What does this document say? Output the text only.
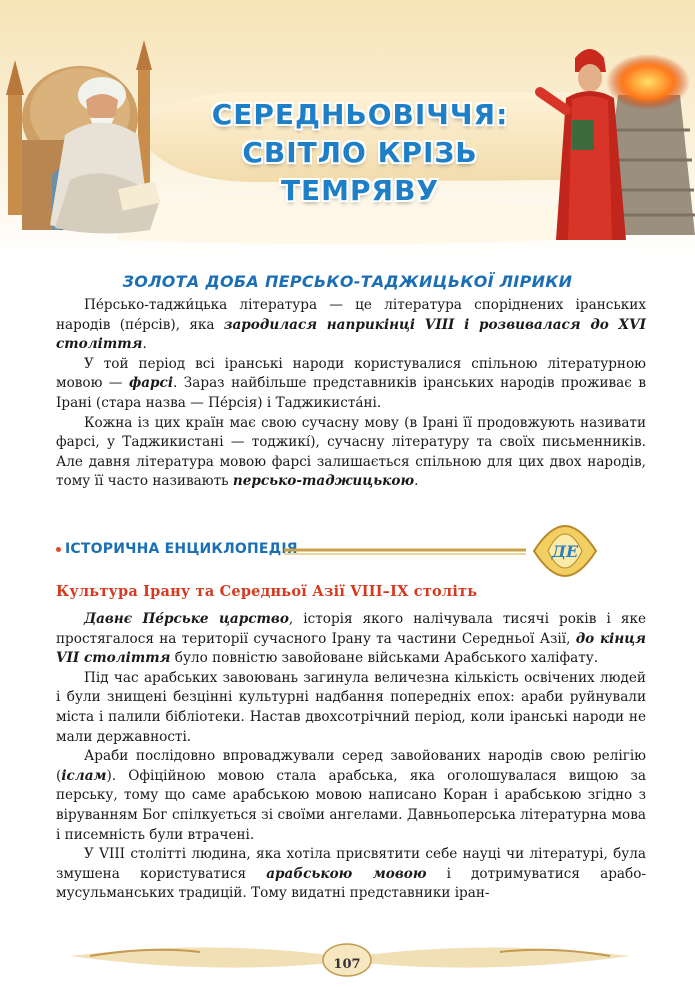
СЕРЕДНЬОВІЧЧЯ:
СВІТЛО КРІЗЬ ТЕМРЯВУ
ЗОЛОТА ДОБА ПЕРСЬКО-ТАДЖИЦЬКОЇ ЛІРИКИ

Пе́рсько-таджи́цька література — це література споріднених іранських народів (пе́рсів), яка зародилася наприкінці VIII і розвивалася до XVI століття.

У той період всі іранські народи користувалися спільною літературною мовою — фарсі. Зараз найбільше представників іранських народів проживає в Ірані (стара назва — Пе́рсія) і Таджикиста́ні.

Кожна із цих країн має свою сучасну мову (в Ірані її продовжують називати фарсі, у Таджикистані — тоджикі́), сучасну літературу та своїх письменників. Але давня література мовою фарсі залишається спільною для цих двох народів, тому її часто називають персько-таджицькою.

ІСТОРИЧНА ЕНЦИКЛОПЕДІЯ	ДЕ
Культура Ірану та Середньої Азії VIII–IX століть

Давнє Пе́рське царство, історія якого налічувала тисячі років і яке простягалося на території сучасного Ірану та частини Середньої Азії, до кінця VII століття було повністю завойоване військами Арабського халіфату.

Під час арабських завоювань загинула величезна кількість освічених людей і були знищені безцінні культурні надбання попередніх епох: араби руйнували міста і палили бібліотеки. Настав двохсотрічний період, коли іранські народи не мали державності.

Араби послідовно впроваджували серед завойованих народів свою релігію (іслам). Офіційною мовою стала арабська, яка оголошувалася вищою за перську, тому що саме арабською мовою написано Коран і арабською згідно з віруванням Бог спілкується зі своїми ангелами. Давньоперська літературна мова і писемність були втрачені.

У VIII столітті людина, яка хотіла присвятити себе науці чи літературі, була змушена користуватися арабською мовою і дотримуватися арабо-мусульманських традицій. Тому видатні представники іран-

107
